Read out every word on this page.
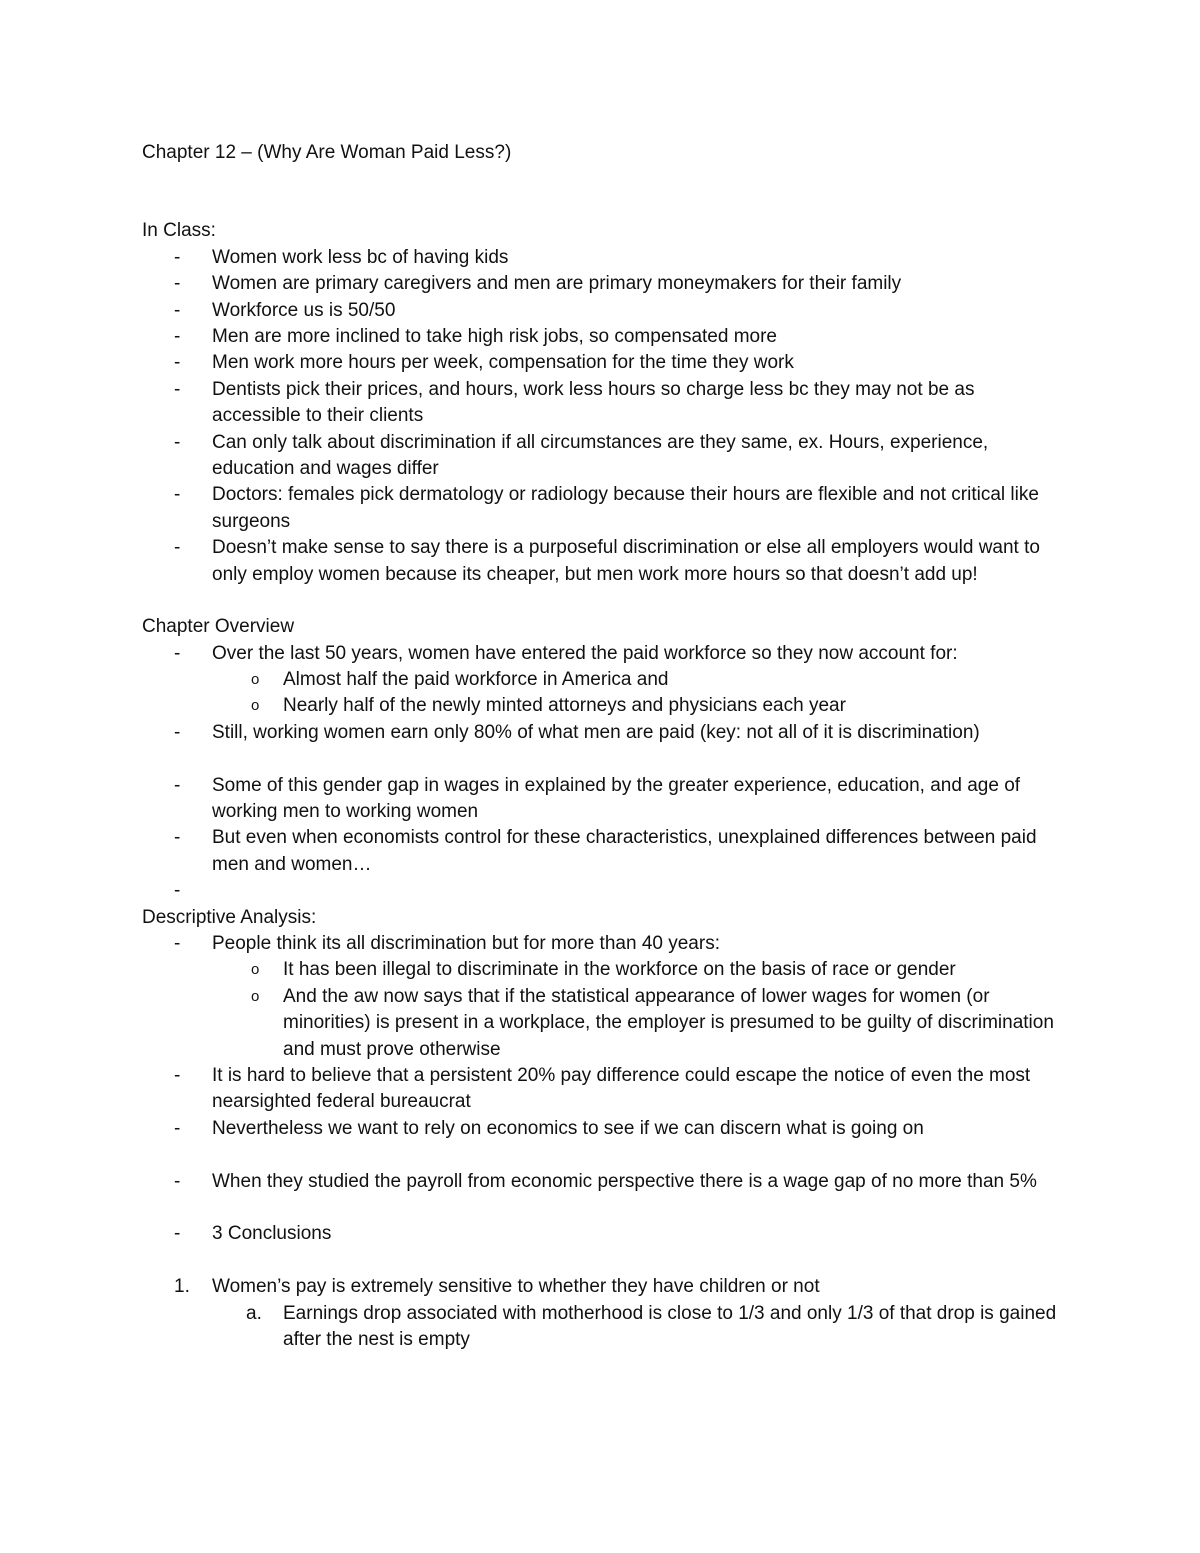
Chapter 12 – (Why Are Woman Paid Less?)

In Class:

- Women work less bc of having kids
- Women are primary caregivers and men are primary moneymakers for their family
- Workforce us is 50/50
- Men are more inclined to take high risk jobs, so compensated more
- Men work more hours per week, compensation for the time they work
- Dentists pick their prices, and hours, work less hours so charge less bc they may not be as accessible to their clients
- Can only talk about discrimination if all circumstances are they same, ex. Hours, experience, education and wages differ
- Doctors: females pick dermatology or radiology because their hours are flexible and not critical like surgeons
- Doesn’t make sense to say there is a purposeful discrimination or else all employers would want to only employ women because its cheaper, but men work more hours so that doesn’t add up!

Chapter Overview

- Over the last 50 years, women have entered the paid workforce so they now account for:
o Almost half the paid workforce in America and
o Nearly half of the newly minted attorneys and physicians each year
- Still, working women earn only 80% of what men are paid (key: not all of it is discrimination)
- Some of this gender gap in wages in explained by the greater experience, education, and age of working men to working women
- But even when economists control for these characteristics, unexplained differences between paid men and women…
-

Descriptive Analysis:

- People think its all discrimination but for more than 40 years:
o It has been illegal to discriminate in the workforce on the basis of race or gender
o And the aw now says that if the statistical appearance of lower wages for women (or minorities) is present in a workplace, the employer is presumed to be guilty of discrimination and must prove otherwise
- It is hard to believe that a persistent 20% pay difference could escape the notice of even the most nearsighted federal bureaucrat
- Nevertheless we want to rely on economics to see if we can discern what is going on
- When they studied the payroll from economic perspective there is a wage gap of no more than 5%
- 3 Conclusions
1. Women’s pay is extremely sensitive to whether they have children or not
a. Earnings drop associated with motherhood is close to 1/3 and only 1/3 of that drop is gained after the nest is empty
